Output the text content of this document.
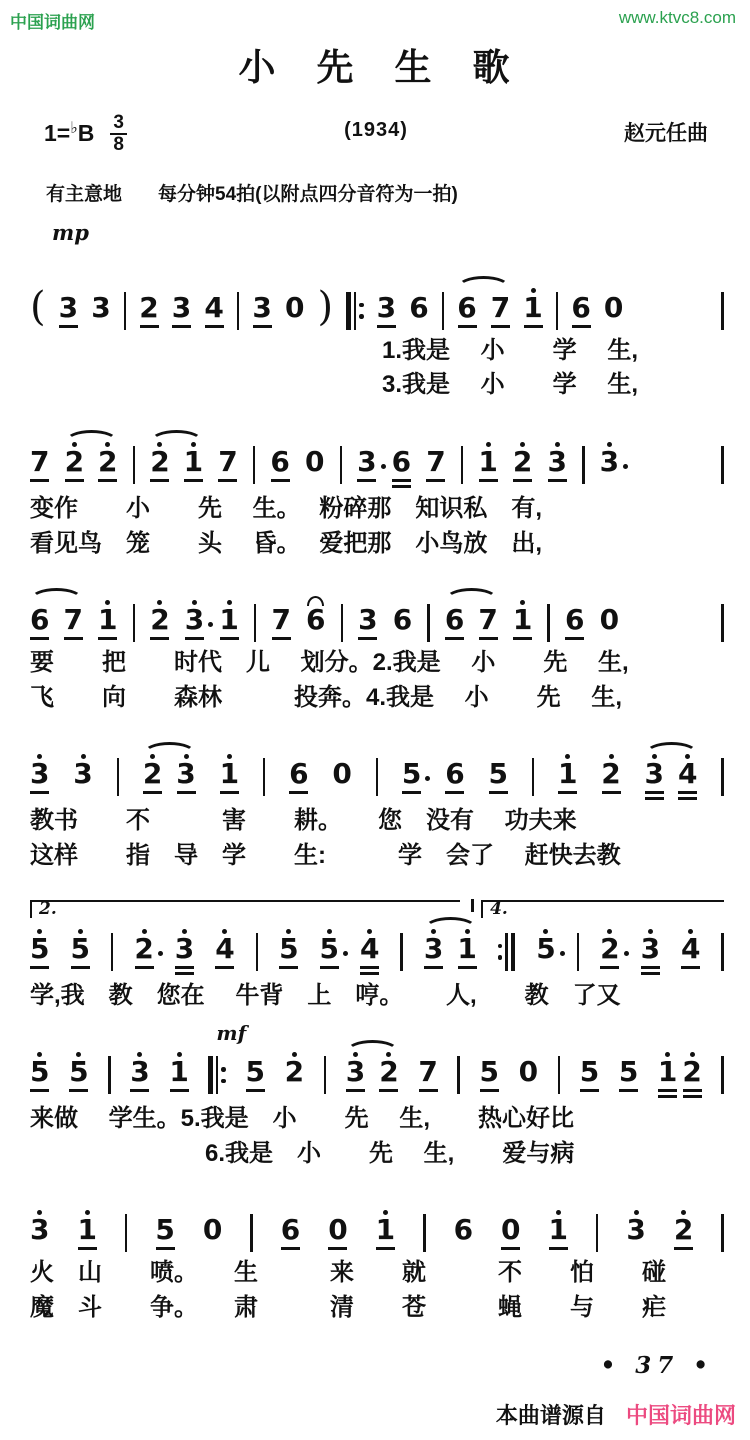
中国词曲网	www.ktvc8.com
小　先　生　歌
1= ♭ B 3
8
(1934)	赵元任曲
有主意地 每分钟54拍(以附点四分音符为一拍)
mp
( 3 3 2 3 4 3 0 ) 3 6 6 7 1 6 0
1.我是　 小　　学　 生,
3.我是　 小　　学　 生,
7 2 2 2 1 7 6 0 3 6 7 1 2 3 3
变作　　小　　先　 生。　 粉碎那　知识私　有,
看见鸟　笼　　头　 昏。　 爱把那　小鸟放　出,
6 7 1 2 3 1 7 6 3 6 6 7 1 6 0
要　　把　　时代　儿　 划分。2.我是　 小　　先　 生,
飞　　向　　森林　　　投奔。4.我是　 小　　先　 生,
3 3 2 3 1 6 0 5 6 5 1 2 3 4
教书　　不　　　害　　耕。　　您　没有　 功夫来
这样　　指　导　学　　生:　　　学　会了　 赶快去教
2.	4.
5 5 2 3 4 5 5 4 3 1 5 2 3 4
学,我　教　您在　 牛背　上　哼。　　 人,　　教　了又
5 5 3 1
mf
5 2 3 2 7 5 0 5 5 1 2
来做　 学生。5.我是　小　　先　 生,　　热心好比
6.我是　小　　先　 生,　　爱与病
3 1 5 0 6 0 1 6 0 1 3 2
火　山　　喷。　　生　　　来　　就　　　不　　怕　　碰
魔　斗　　争。　　肃　　　清　　苍　　　蝇　　与　　疟
• 37 •
本曲谱源自 中国词曲网
